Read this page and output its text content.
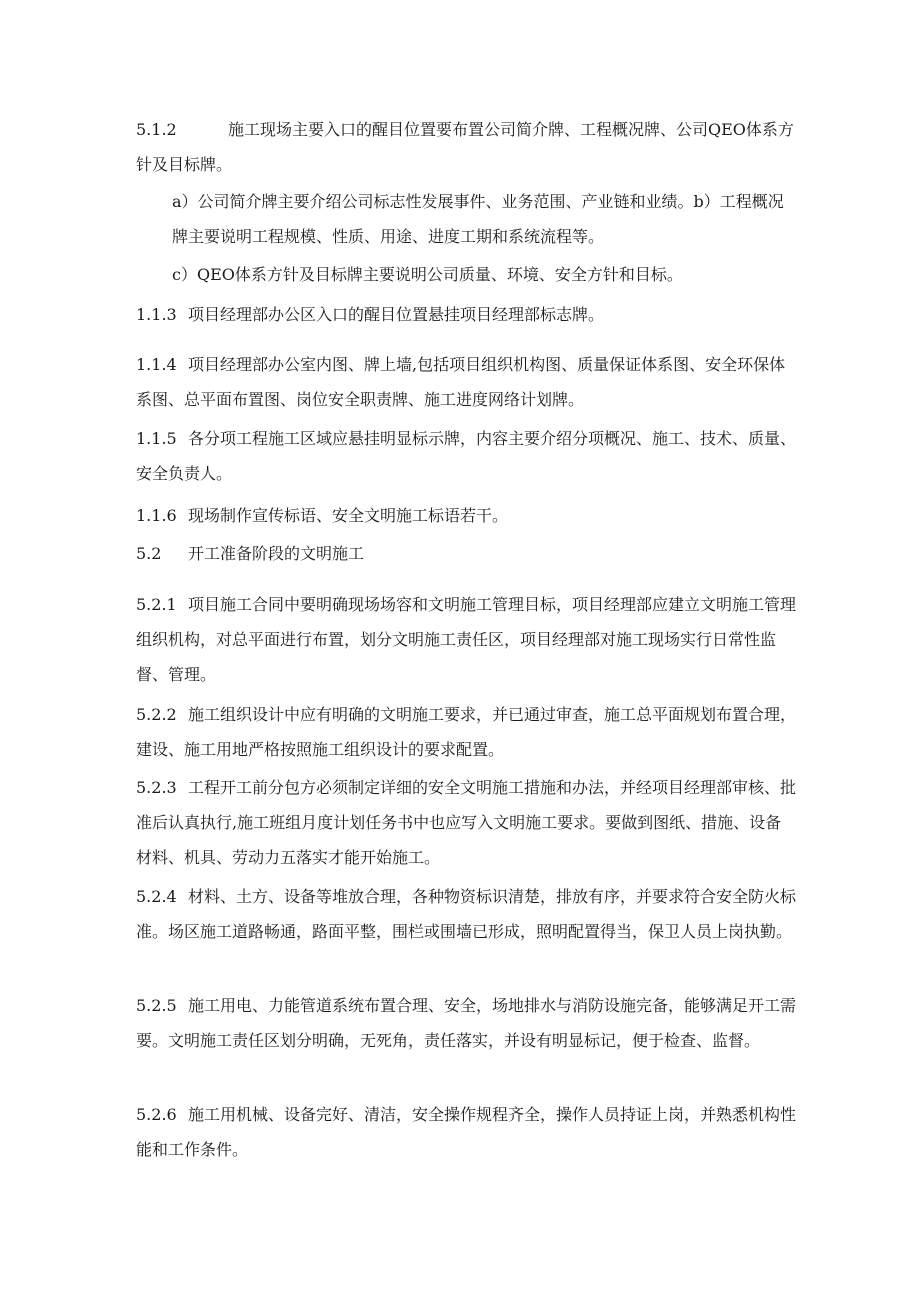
5.1.2	施工现场主要入口的醒目位置要布置公司简介牌、工程概况牌、公司QEO体系方针及目标牌。

a）公司简介牌主要介绍公司标志性发展事件、业务范围、产业链和业绩。b）工程概况牌主要说明工程规模、性质、用途、进度工期和系统流程等。

c）QEO体系方针及目标牌主要说明公司质量、环境、安全方针和目标。

1.1.3 项目经理部办公区入口的醒目位置悬挂项目经理部标志牌。

1.1.4 项目经理部办公室内图、牌上墙,包括项目组织机构图、质量保证体系图、安全环保体系图、总平面布置图、岗位安全职责牌、施工进度网络计划牌。

1.1.5 各分项工程施工区域应悬挂明显标示牌，内容主要介绍分项概况、施工、技术、质量、安全负责人。

1.1.6 现场制作宣传标语、安全文明施工标语若干。

5.2 开工准备阶段的文明施工

5.2.1 项目施工合同中要明确现场场容和文明施工管理目标，项目经理部应建立文明施工管理组织机构，对总平面进行布置，划分文明施工责任区，项目经理部对施工现场实行日常性监督、管理。

5.2.2 施工组织设计中应有明确的文明施工要求，并已通过审查，施工总平面规划布置合理，建设、施工用地严格按照施工组织设计的要求配置。

5.2.3 工程开工前分包方必须制定详细的安全文明施工措施和办法，并经项目经理部审核、批准后认真执行,施工班组月度计划任务书中也应写入文明施工要求。要做到图纸、措施、设备材料、机具、劳动力五落实才能开始施工。

5.2.4 材料、土方、设备等堆放合理，各种物资标识清楚，排放有序，并要求符合安全防火标准。场区施工道路畅通，路面平整，围栏或围墙已形成，照明配置得当，保卫人员上岗执勤。

5.2.5 施工用电、力能管道系统布置合理、安全，场地排水与消防设施完备，能够满足开工需要。文明施工责任区划分明确，无死角，责任落实，并设有明显标记，便于检查、监督。

5.2.6 施工用机械、设备完好、清洁，安全操作规程齐全，操作人员持证上岗，并熟悉机构性能和工作条件。
